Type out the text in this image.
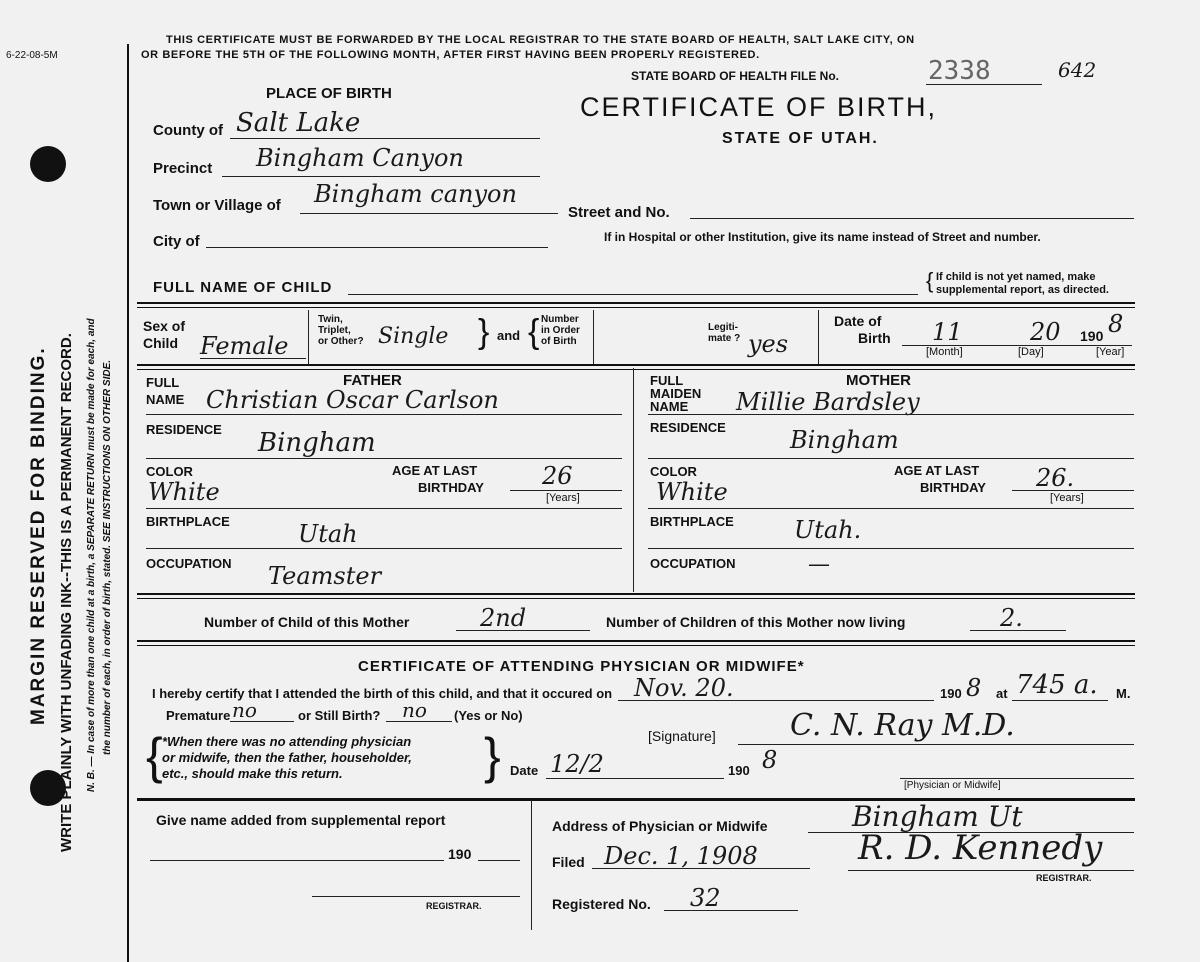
6-22-08-5M
MARGIN RESERVED FOR BINDING. WRITE PLAINLY WITH UNFADING INK--THIS IS A PERMANENT RECORD. N. B. — In case of more than one child at a birth, a SEPARATE RETURN must be made for each, and the number of each, in order of birth, stated. SEE INSTRUCTIONS ON OTHER SIDE.
THIS CERTIFICATE MUST BE FORWARDED BY THE LOCAL REGISTRAR TO THE STATE BOARD OF HEALTH, SALT LAKE CITY, ON
OR BEFORE THE 5TH OF THE FOLLOWING MONTH, AFTER FIRST HAVING BEEN PROPERLY REGISTERED.
STATE BOARD OF HEALTH FILE No.	2338	642
CERTIFICATE OF BIRTH,
STATE OF UTAH.
PLACE OF BIRTH
County of Salt Lake
Precinct Bingham Canyon
Town or Village of Bingham canyon
Street and No.
City of	If in Hospital or other Institution, give its name instead of Street and number.
FULL NAME OF CHILD	{ If child is not yet named, make
supplemental report, as directed.
Sex of
Child Female
Twin,
Triplet,
or Other? Single } and { Number
in Order
of Birth
Legiti-
mate ? yes
Date of
Birth 11	20 190 8
[Month]	[Day]	[Year]
FATHER
FULL
NAME Christian Oscar Carlson
RESIDENCE Bingham
COLOR
White
AGE AT LAST
BIRTHDAY 26
[Years]
BIRTHPLACE	Utah
OCCUPATION Teamster
MOTHER
FULL
MAIDEN
NAME	Millie Bardsley
RESIDENCE	Bingham
COLOR
White
AGE AT LAST
BIRTHDAY 26.
[Years]
BIRTHPLACE	Utah.
OCCUPATION	—
Number of Child of this Mother	2nd	Number of Children of this Mother now living	2.
CERTIFICATE OF ATTENDING PHYSICIAN OR MIDWIFE*
I hereby certify that I attended the birth of this child, and that it occured on Nov. 20.	190 8 at 745 a. M.
Premature no	or Still Birth? no (Yes or No)
{	}
*When there was no attending physician
or midwife, then the father, householder,
etc., should make this return.
[Signature] C. N. Ray M.D.
Date 12/2	190 8
[Physician or Midwife]
Give name added from supplemental report
190
REGISTRAR.
Address of Physician or Midwife	Bingham Ut
Filed Dec. 1, 1908	R. D. Kennedy
REGISTRAR.
Registered No. 32
